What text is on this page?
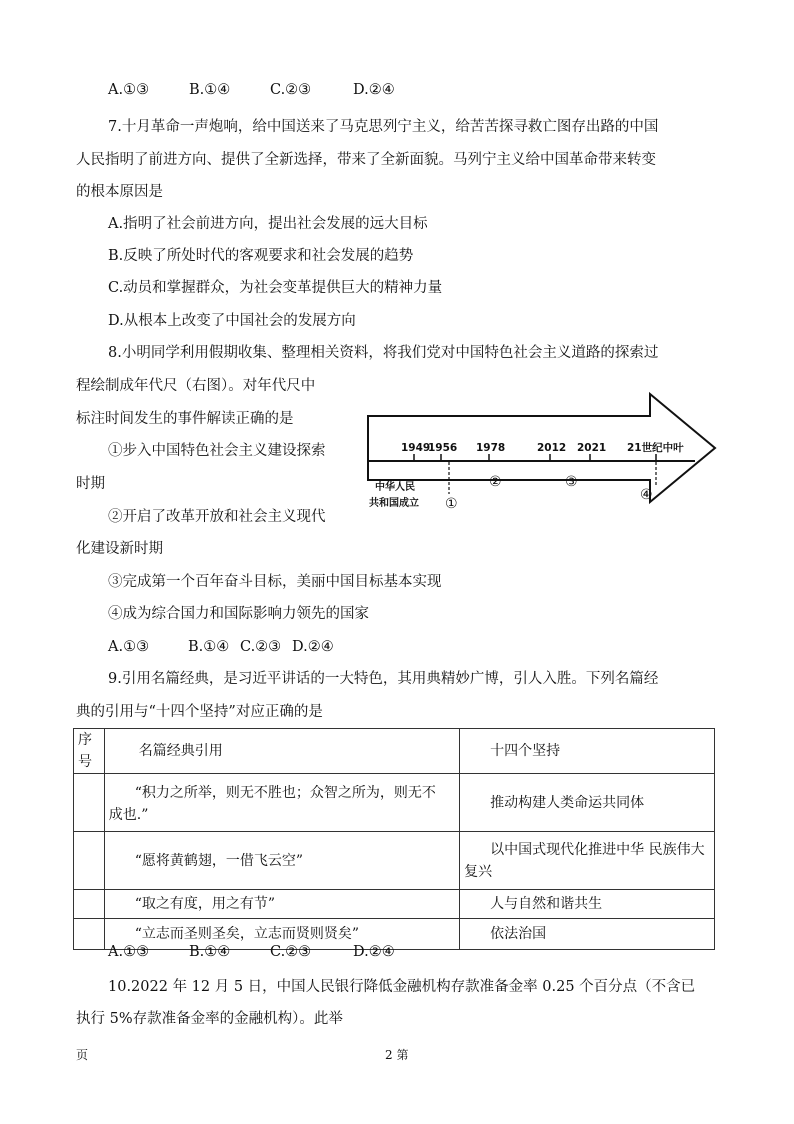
A.①③	B.①④	C.②③	D.②④
7.十月革命一声炮响，给中国送来了马克思列宁主义，给苦苦探寻救亡图存出路的中国
人民指明了前进方向、提供了全新选择，带来了全新面貌。马列宁主义给中国革命带来转变
的根本原因是
A.指明了社会前进方向，提出社会发展的远大目标
B.反映了所处时代的客观要求和社会发展的趋势
C.动员和掌握群众，为社会变革提供巨大的精神力量
D.从根本上改变了中国社会的发展方向
8.小明同学利用假期收集、整理相关资料，将我们党对中国特色社会主义道路的探索过
程绘制成年代尺（右图）。对年代尺中
标注时间发生的事件解读正确的是
①步入中国特色社会主义建设探索
时期
②开启了改革开放和社会主义现代
化建设新时期
③完成第一个百年奋斗目标，美丽中国目标基本实现
④成为综合国力和国际影响力领先的国家
A.①③	B.①④ C.②③ D.②④
1949
1956 1978	2012 2021 21世纪中叶
中华人民
共和国成立 ①
②	③
④
9.引用名篇经典，是习近平讲话的一大特色，其用典精妙广博，引人入胜。下列名篇经
典的引用与“十四个坚持”对应正确的是
序号	名篇经典引用	十四个坚持

	“积力之所举，则无不胜也；众智之所为，则无不
成也.”	推动构建人类命运共同体

	“愿将黄鹤翅，一借飞云空”	以中国式现代化推进中华 民族伟大
复兴

	“取之有度，用之有节”	人与自然和谐共生

	“立志而圣则圣矣，立志而贤则贤矣”	依法治国
A.①③	B.①④	C.②③	D.②④
10.2022 年 12 月 5 日，中国人民银行降低金融机构存款准备金率 0.25 个百分点（不含已
执行 5%存款准备金率的金融机构）。此举
页	2 第
